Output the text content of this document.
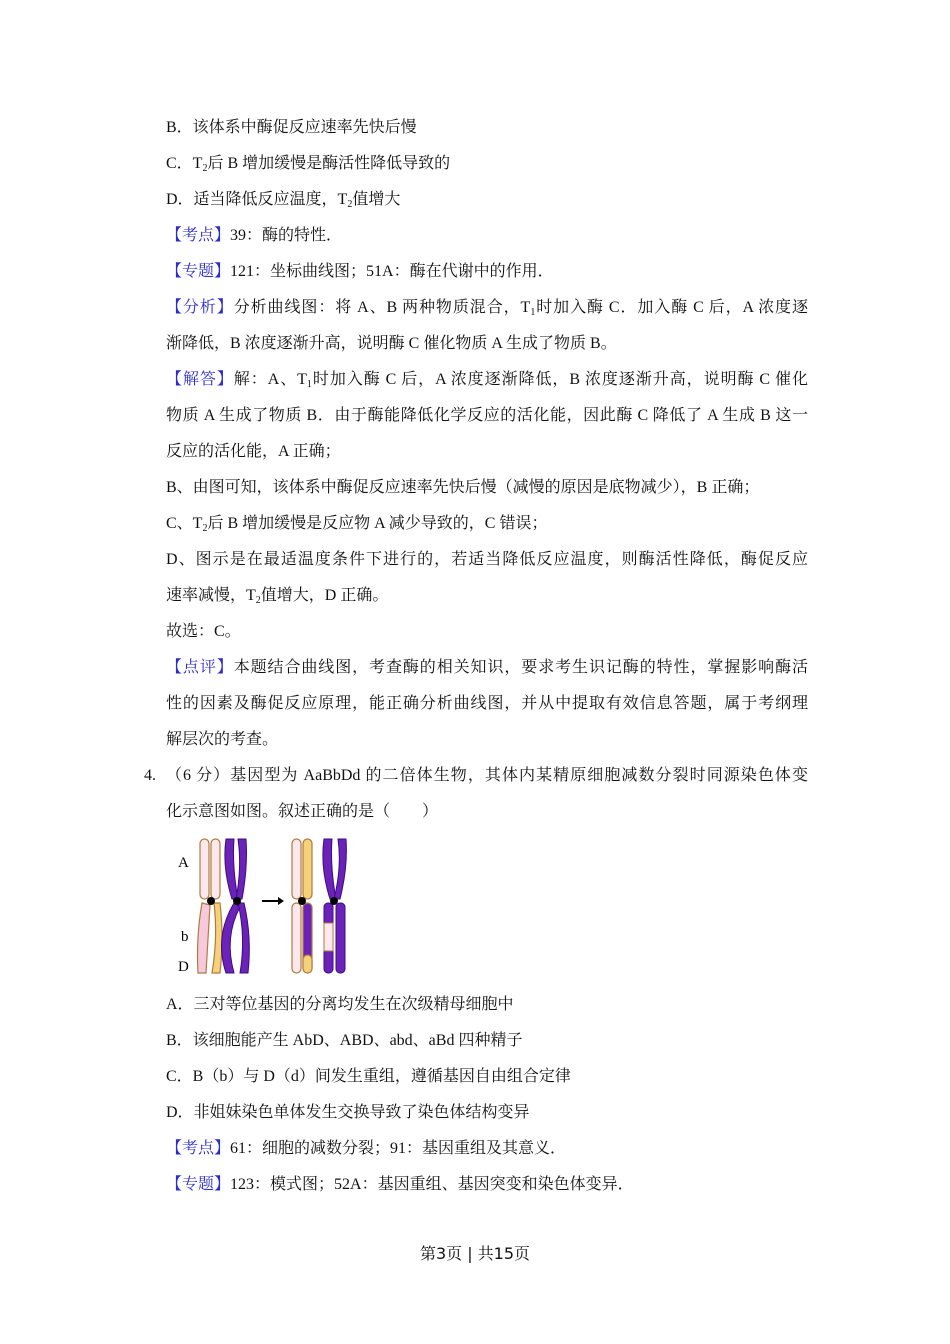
B．该体系中酶促反应速率先快后慢
C．$T_2$后 B 增加缓慢是酶活性降低导致的
D．适当降低反应温度，$T_2$值增大
【考点】39：酶的特性．
【专题】121：坐标曲线图；51A：酶在代谢中的作用．
【分析】分析曲线图：将 A、B 两种物质混合，$T_1$时加入酶 C．加入酶 C 后，A 浓度逐
渐降低，B 浓度逐渐升高，说明酶 C 催化物质 A 生成了物质 B。
【解答】解：A、$T_1$时加入酶 C 后，A 浓度逐渐降低，B 浓度逐渐升高，说明酶 C 催化
物质 A 生成了物质 B．由于酶能降低化学反应的活化能，因此酶 C 降低了 A 生成 B 这一
反应的活化能，A 正确；
B、由图可知，该体系中酶促反应速率先快后慢（减慢的原因是底物减少），B 正确；
C、$T_2$后 B 增加缓慢是反应物 A 减少导致的，C 错误；
D、图示是在最适温度条件下进行的，若适当降低反应温度，则酶活性降低，酶促反应
速率减慢，$T_2$值增大，D 正确。
故选：C。
【点评】本题结合曲线图，考查酶的相关知识，要求考生识记酶的特性，掌握影响酶活
性的因素及酶促反应原理，能正确分析曲线图，并从中提取有效信息答题，属于考纲理
解层次的考查。
4. （6 分）基因型为 AaBbDd 的二倍体生物，其体内某精原细胞减数分裂时同源染色体变
化示意图如图。叙述正确的是（　　）
A
b
D
A．三对等位基因的分离均发生在次级精母细胞中
B．该细胞能产生 AbD、ABD、abd、aBd 四种精子
C．B（b）与 D（d）间发生重组，遵循基因自由组合定律
D．非姐妹染色单体发生交换导致了染色体结构变异
【考点】61：细胞的减数分裂；91：基因重组及其意义．
【专题】123：模式图；52A：基因重组、基因突变和染色体变异．
第3页 | 共15页
